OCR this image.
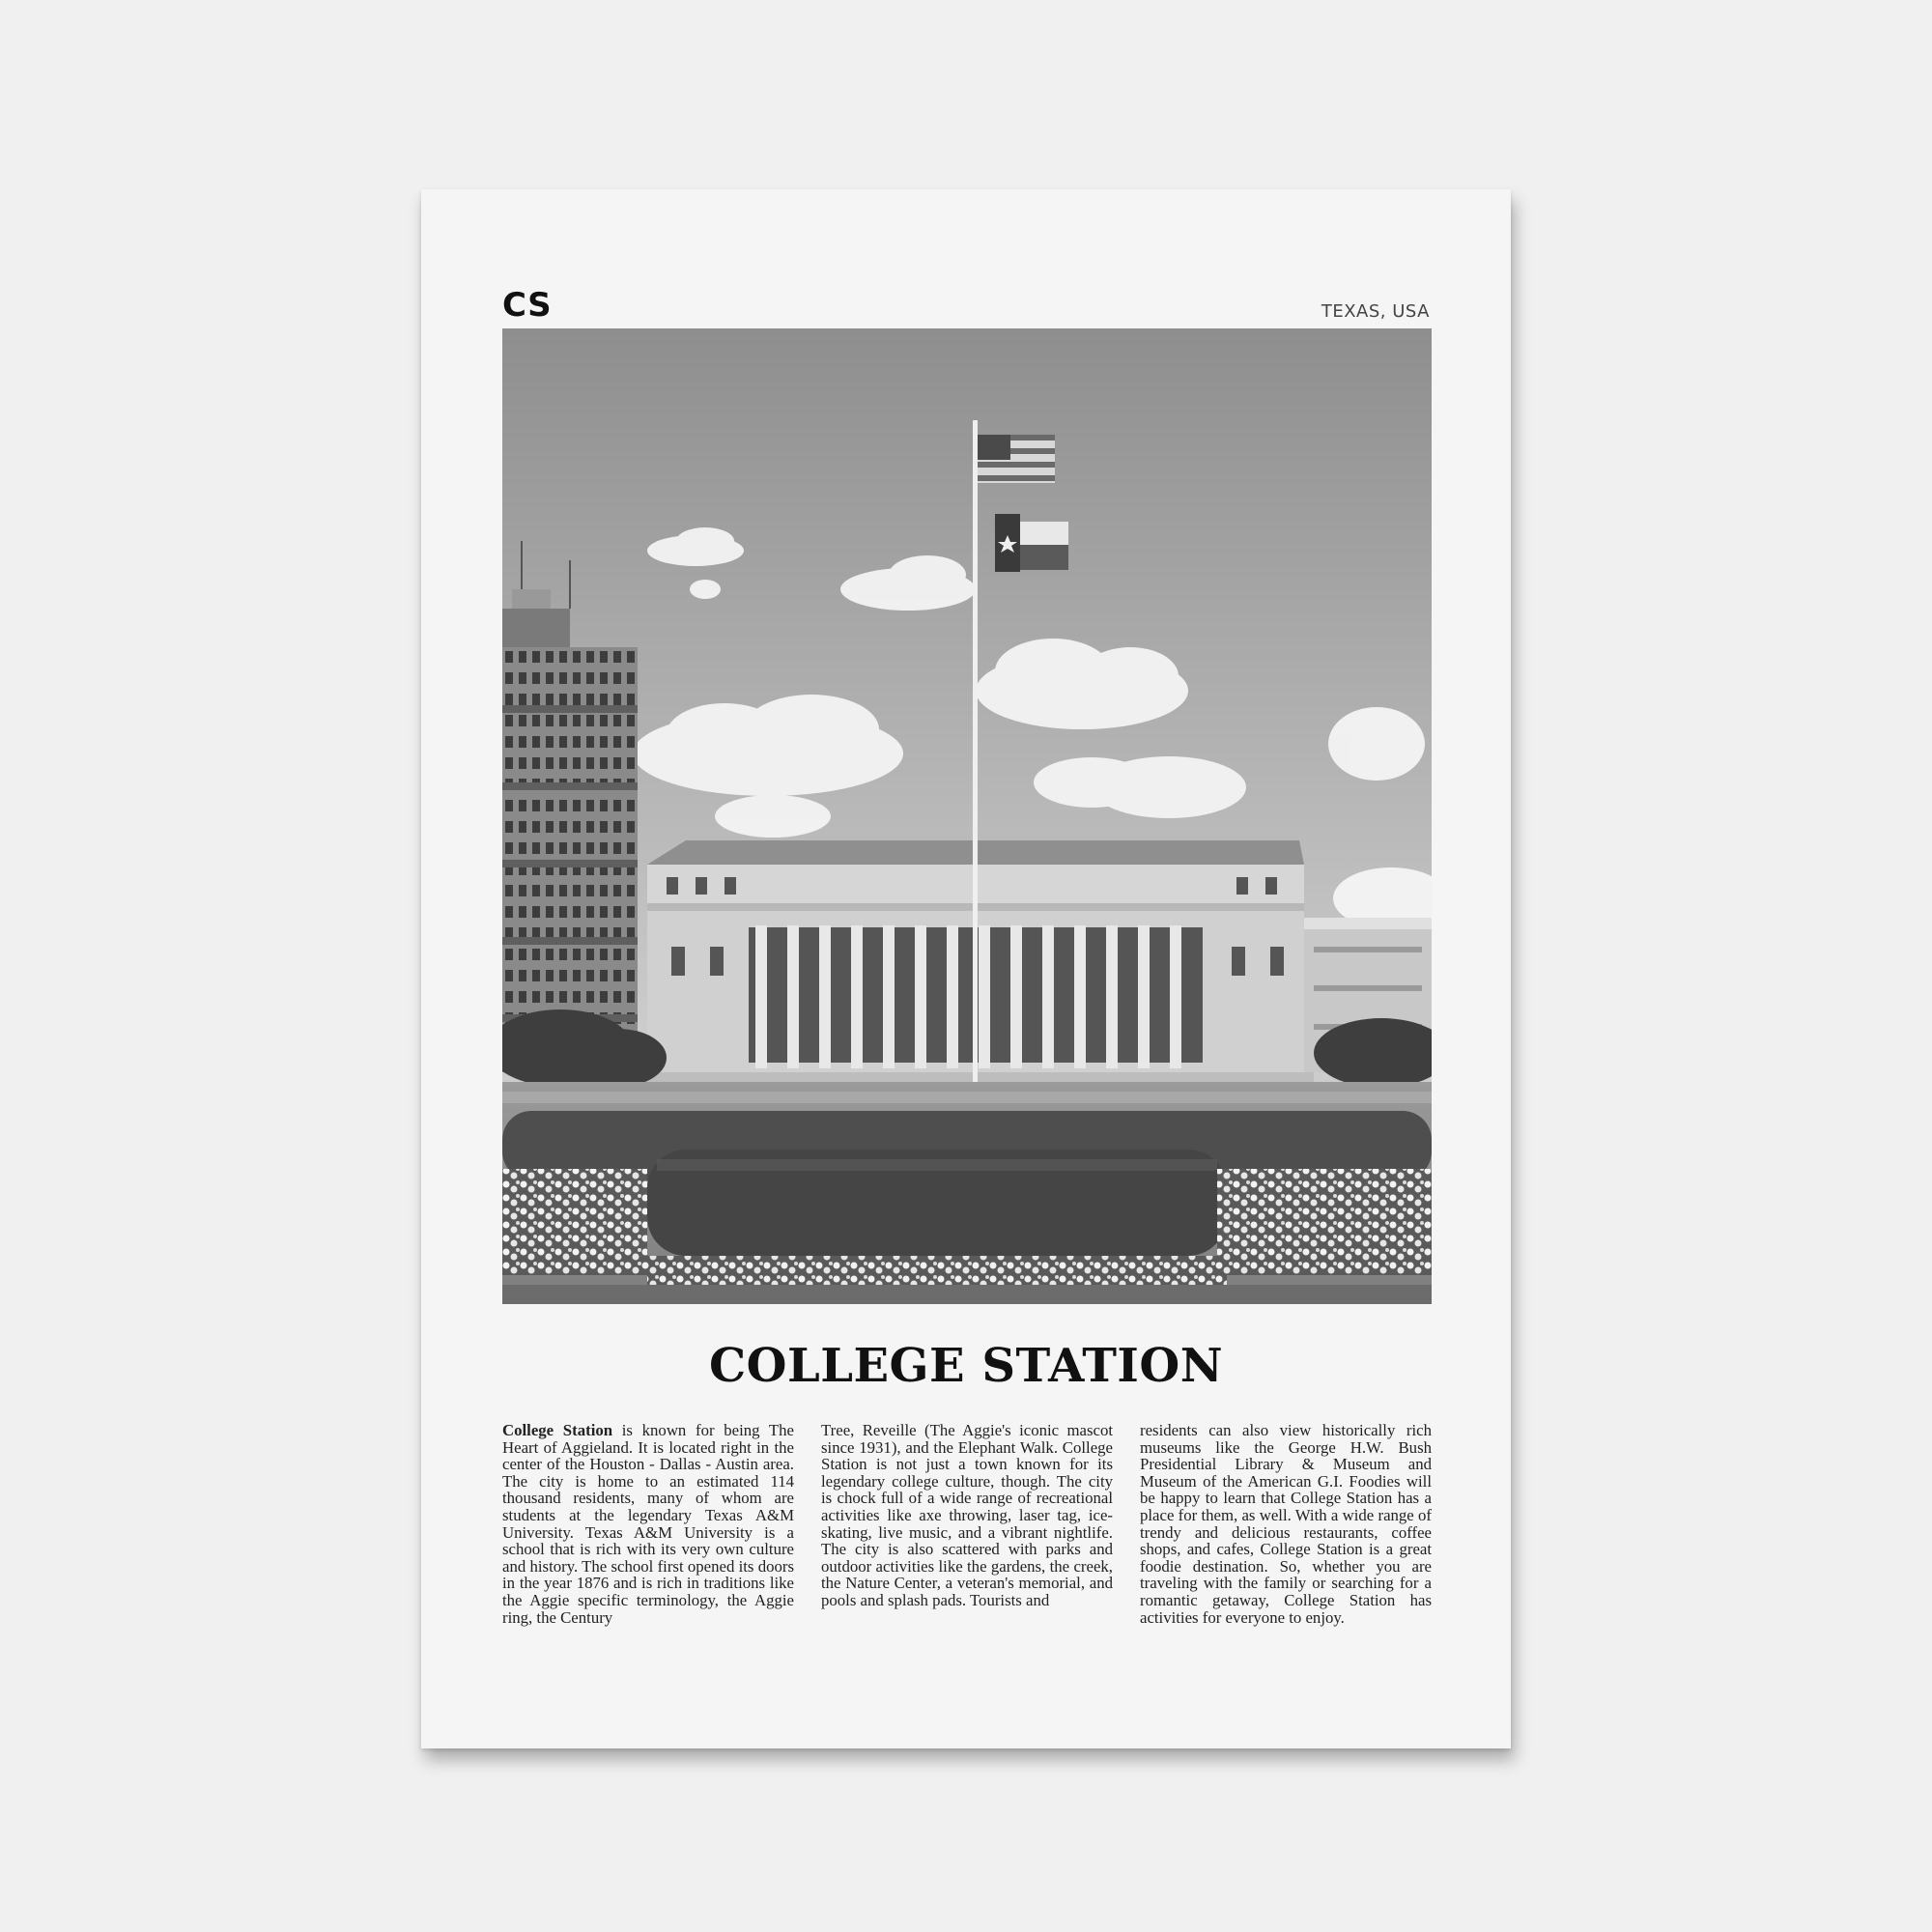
CS	TEXAS, USA
COLLEGE STATION
College Station is known for being The Heart of Aggieland. It is located right in the center of the Houston - Dallas - Austin area. The city is home to an estimated 114 thousand residents, many of whom are students at the legendary Texas A&M University. Texas A&M University is a school that is rich with its very own culture and history. The school first opened its doors in the year 1876 and is rich in traditions like the Aggie specific terminology, the Aggie ring, the Century
Tree, Reveille (The Aggie's iconic mascot since 1931), and the Elephant Walk. College Station is not just a town known for its legendary college culture, though. The city is chock full of a wide range of recreational activities like axe throwing, laser tag, ice-skating, live music, and a vibrant nightlife. The city is also scattered with parks and outdoor activities like the gardens, the creek, the Nature Center, a veteran's memorial, and pools and splash pads. Tourists and
residents can also view historically rich museums like the George H.W. Bush Presidential Library & Museum and Museum of the American G.I. Foodies will be happy to learn that College Station has a place for them, as well. With a wide range of trendy and delicious restaurants, coffee shops, and cafes, College Station is a great foodie destination. So, whether you are traveling with the family or searching for a romantic getaway, College Station has activities for everyone to enjoy.
